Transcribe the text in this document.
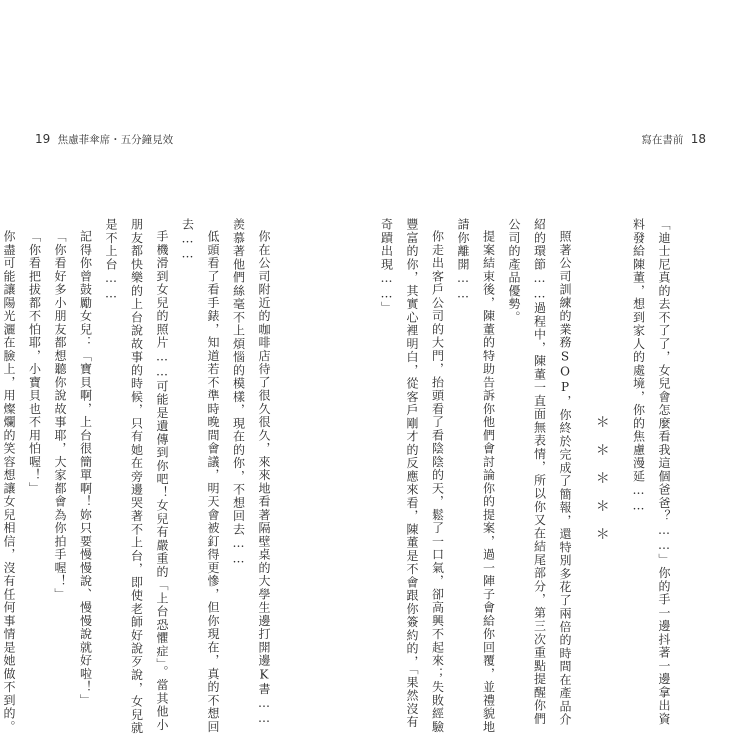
19 焦慮菲傘席・五分鐘見效	寫在書前 18

你在公司附近的咖啡店待了很久很久，來來地看著隔壁桌的大學生邊打開邊K書……羨慕著他們絲毫不上煩惱的模樣，現在的你，不想回去……

低頭看了看手錶，知道若不準時晚間會議，明天會被釘得更慘，但你現在，真的不想回去……

手機滑到女兒的照片……可能是遺傳到你吧！女兒有嚴重的「上台恐懼症」。當其他小朋友都快樂的上台說故事的時候，只有她在旁邊哭著不上台，即使老師好說歹說，女兒就是不上台……

記得你曾鼓勵女兒：「寶貝啊，上台很簡單啊！妳只要慢慢說、慢慢說就好啦！」

「你看好多小朋友都想聽你說故事耶，大家都會為你拍手喔！」

「你看把拔都不怕耶，小寶貝也不用怕喔！」

你盡可能讓陽光灑在臉上，用燦爛的笑容想讓女兒相信，沒有任何事情是她做不到的。

「迪士尼真的去不了了，女兒會怎麼看我這個爸爸？……」你的手一邊抖著一邊拿出資料發給陳董，想到家人的處境，你的焦慮漫延……

＊　＊　＊　＊　＊

照著公司訓練的業務SOP，你終於完成了簡報，還特別多花了兩倍的時間在產品介紹的環節……過程中，陳董一直面無表情，所以你又在結尾部分，第三次重點提醒你們公司的產品優勢。

提案結束後，陳董的特助告訴你他們會討論你的提案，過一陣子會給你回覆，並禮貌地請你離開……

你走出客戶公司的大門，抬頭看了看陰陰的天，鬆了一口氣，卻高興不起來；失敗經驗豐富的你，其實心裡明白，從客戶剛才的反應來看，陳董是不會跟你簽約的，「果然沒有奇蹟出現……」
